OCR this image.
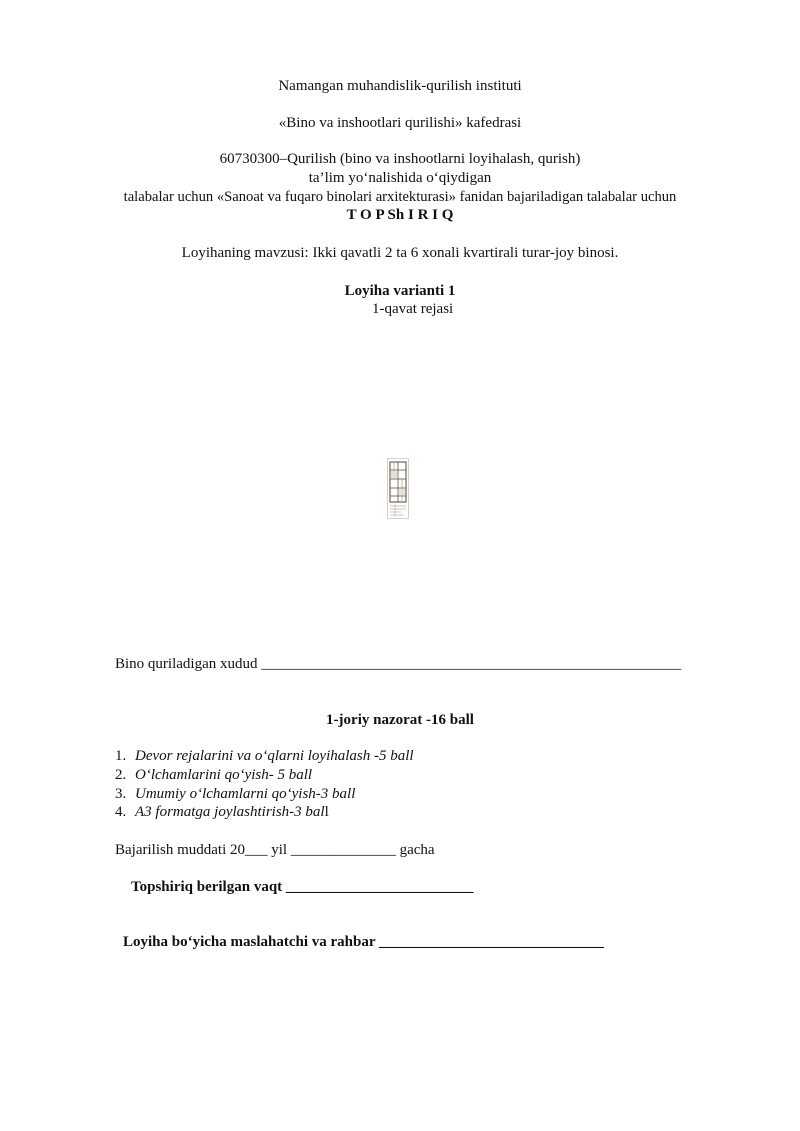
Namangan muhandislik-qurilish instituti
«Bino va inshootlari qurilishi» kafedrasi
60730300–Qurilish (bino va inshootlarni loyihalash, qurish)
ta’lim yo‘nalishida o‘qiydigan
talabalar uchun «Sanoat va fuqaro binolari arxitekturasi» fanidan bajariladigan talabalar uchun
T O P Sh I R I Q
Loyihaning mavzusi: Ikki qavatli 2 ta 6 xonali kvartirali turar-joy binosi.
Loyiha varianti 1
1-qavat rejasi
Bino quriladigan xudud ________________________________________________________
1-joriy nazorat -16 ball
1. Devor rejalarini va o‘qlarni loyihalash -5 ball
2. O‘lchamlarini qo‘yish- 5 ball
3. Umumiy o‘lchamlarni qo‘yish-3 ball
4. A3 formatga joylashtirish-3 ball
Bajarilish muddati 20___ yil ______________ gacha
Topshiriq berilgan vaqt _________________________
Loyiha bo‘yicha maslahatchi va rahbar ______________________________
